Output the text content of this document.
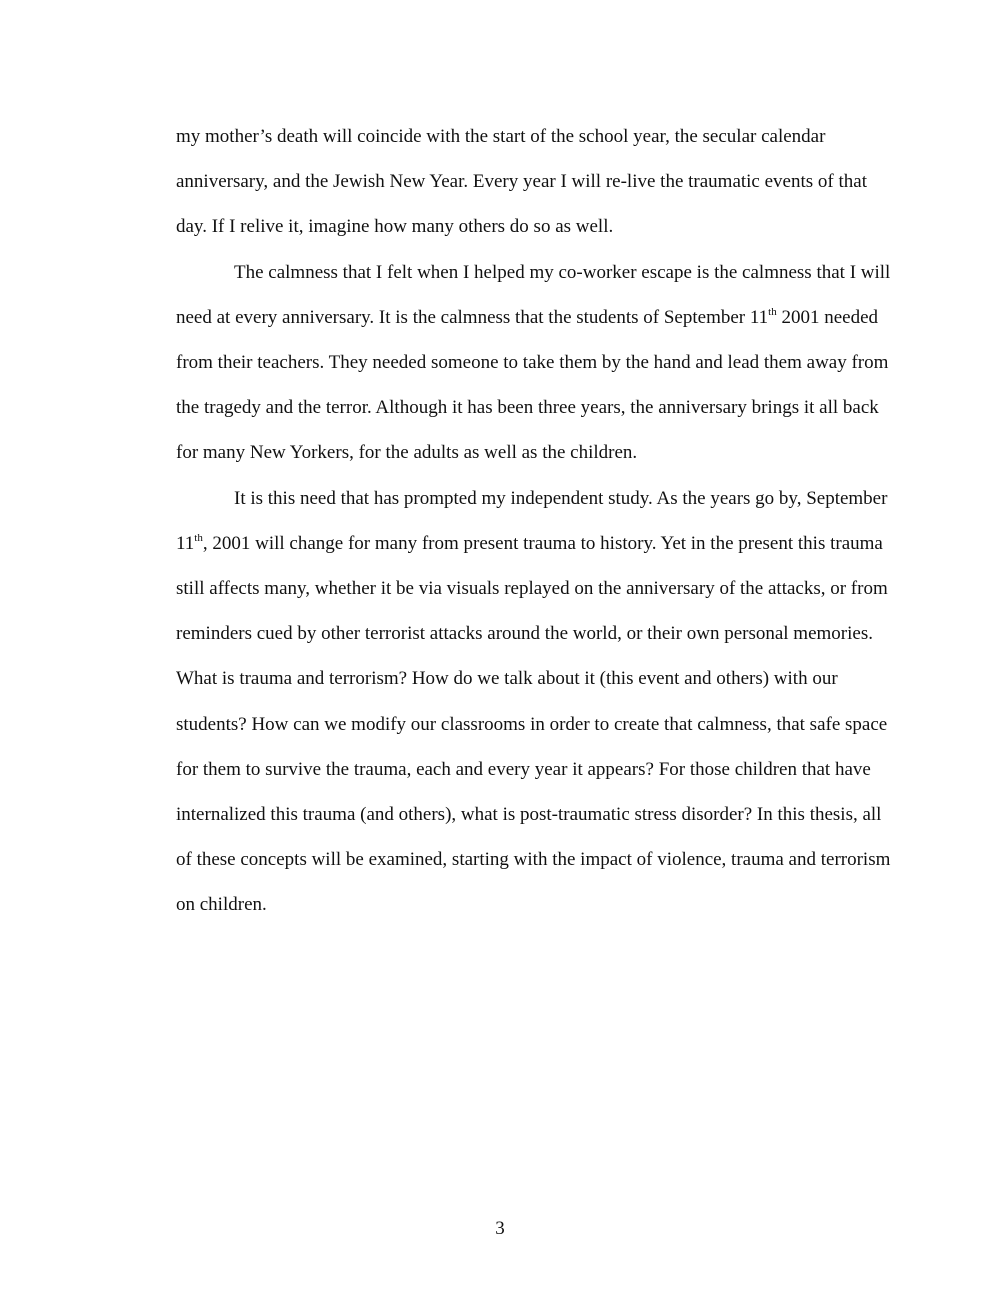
my mother’s death will coincide with the start of the school year, the secular calendar anniversary, and the Jewish New Year. Every year I will re-live the traumatic events of that day. If I relive it, imagine how many others do so as well.

The calmness that I felt when I helped my co-worker escape is the calmness that I will need at every anniversary. It is the calmness that the students of September 11th 2001 needed from their teachers. They needed someone to take them by the hand and lead them away from the tragedy and the terror. Although it has been three years, the anniversary brings it all back for many New Yorkers, for the adults as well as the children.

It is this need that has prompted my independent study. As the years go by, September 11th, 2001 will change for many from present trauma to history. Yet in the present this trauma still affects many, whether it be via visuals replayed on the anniversary of the attacks, or from reminders cued by other terrorist attacks around the world, or their own personal memories. What is trauma and terrorism? How do we talk about it (this event and others) with our students? How can we modify our classrooms in order to create that calmness, that safe space for them to survive the trauma, each and every year it appears? For those children that have internalized this trauma (and others), what is post-traumatic stress disorder? In this thesis, all of these concepts will be examined, starting with the impact of violence, trauma and terrorism on children.

3
